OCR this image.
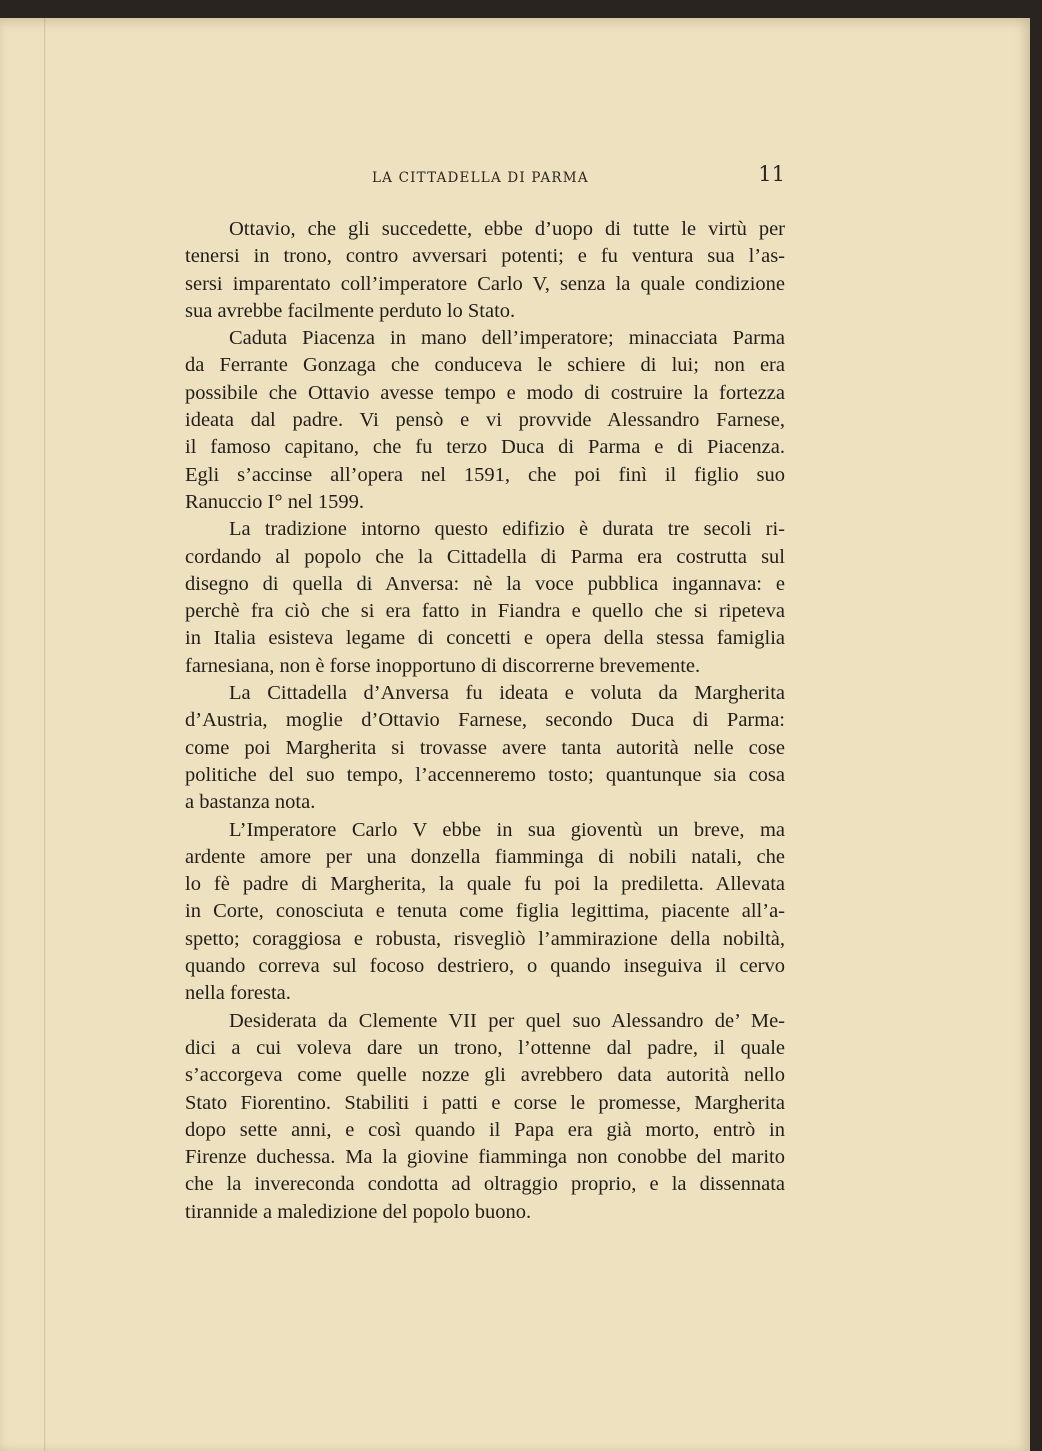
LA CITTADELLA DI PARMA	11

Ottavio, che gli succedette, ebbe d’uopo di tutte le virtù per
tenersi in trono, contro avversari potenti; e fu ventura sua l’as-
sersi imparentato coll’imperatore Carlo V, senza la quale condizione
sua avrebbe facilmente perduto lo Stato.

Caduta Piacenza in mano dell’imperatore; minacciata Parma
da Ferrante Gonzaga che conduceva le schiere di lui; non era
possibile che Ottavio avesse tempo e modo di costruire la fortezza
ideata dal padre. Vi pensò e vi provvide Alessandro Farnese,
il famoso capitano, che fu terzo Duca di Parma e di Piacenza.
Egli s’accinse all’opera nel 1591, che poi finì il figlio suo
Ranuccio I° nel 1599.

La tradizione intorno questo edifizio è durata tre secoli ri-
cordando al popolo che la Cittadella di Parma era costrutta sul
disegno di quella di Anversa: nè la voce pubblica ingannava: e
perchè fra ciò che si era fatto in Fiandra e quello che si ripeteva
in Italia esisteva legame di concetti e opera della stessa famiglia
farnesiana, non è forse inopportuno di discorrerne brevemente.

La Cittadella d’Anversa fu ideata e voluta da Margherita
d’Austria, moglie d’Ottavio Farnese, secondo Duca di Parma:
come poi Margherita si trovasse avere tanta autorità nelle cose
politiche del suo tempo, l’accenneremo tosto; quantunque sia cosa
a bastanza nota.

L’Imperatore Carlo V ebbe in sua gioventù un breve, ma
ardente amore per una donzella fiamminga di nobili natali, che
lo fè padre di Margherita, la quale fu poi la prediletta. Allevata
in Corte, conosciuta e tenuta come figlia legittima, piacente all’a-
spetto; coraggiosa e robusta, risvegliò l’ammirazione della nobiltà,
quando correva sul focoso destriero, o quando inseguiva il cervo
nella foresta.

Desiderata da Clemente VII per quel suo Alessandro de’ Me-
dici a cui voleva dare un trono, l’ottenne dal padre, il quale
s’accorgeva come quelle nozze gli avrebbero data autorità nello
Stato Fiorentino. Stabiliti i patti e corse le promesse, Margherita
dopo sette anni, e così quando il Papa era già morto, entrò in
Firenze duchessa. Ma la giovine fiamminga non conobbe del marito
che la invereconda condotta ad oltraggio proprio, e la dissennata
tirannide a maledizione del popolo buono.
